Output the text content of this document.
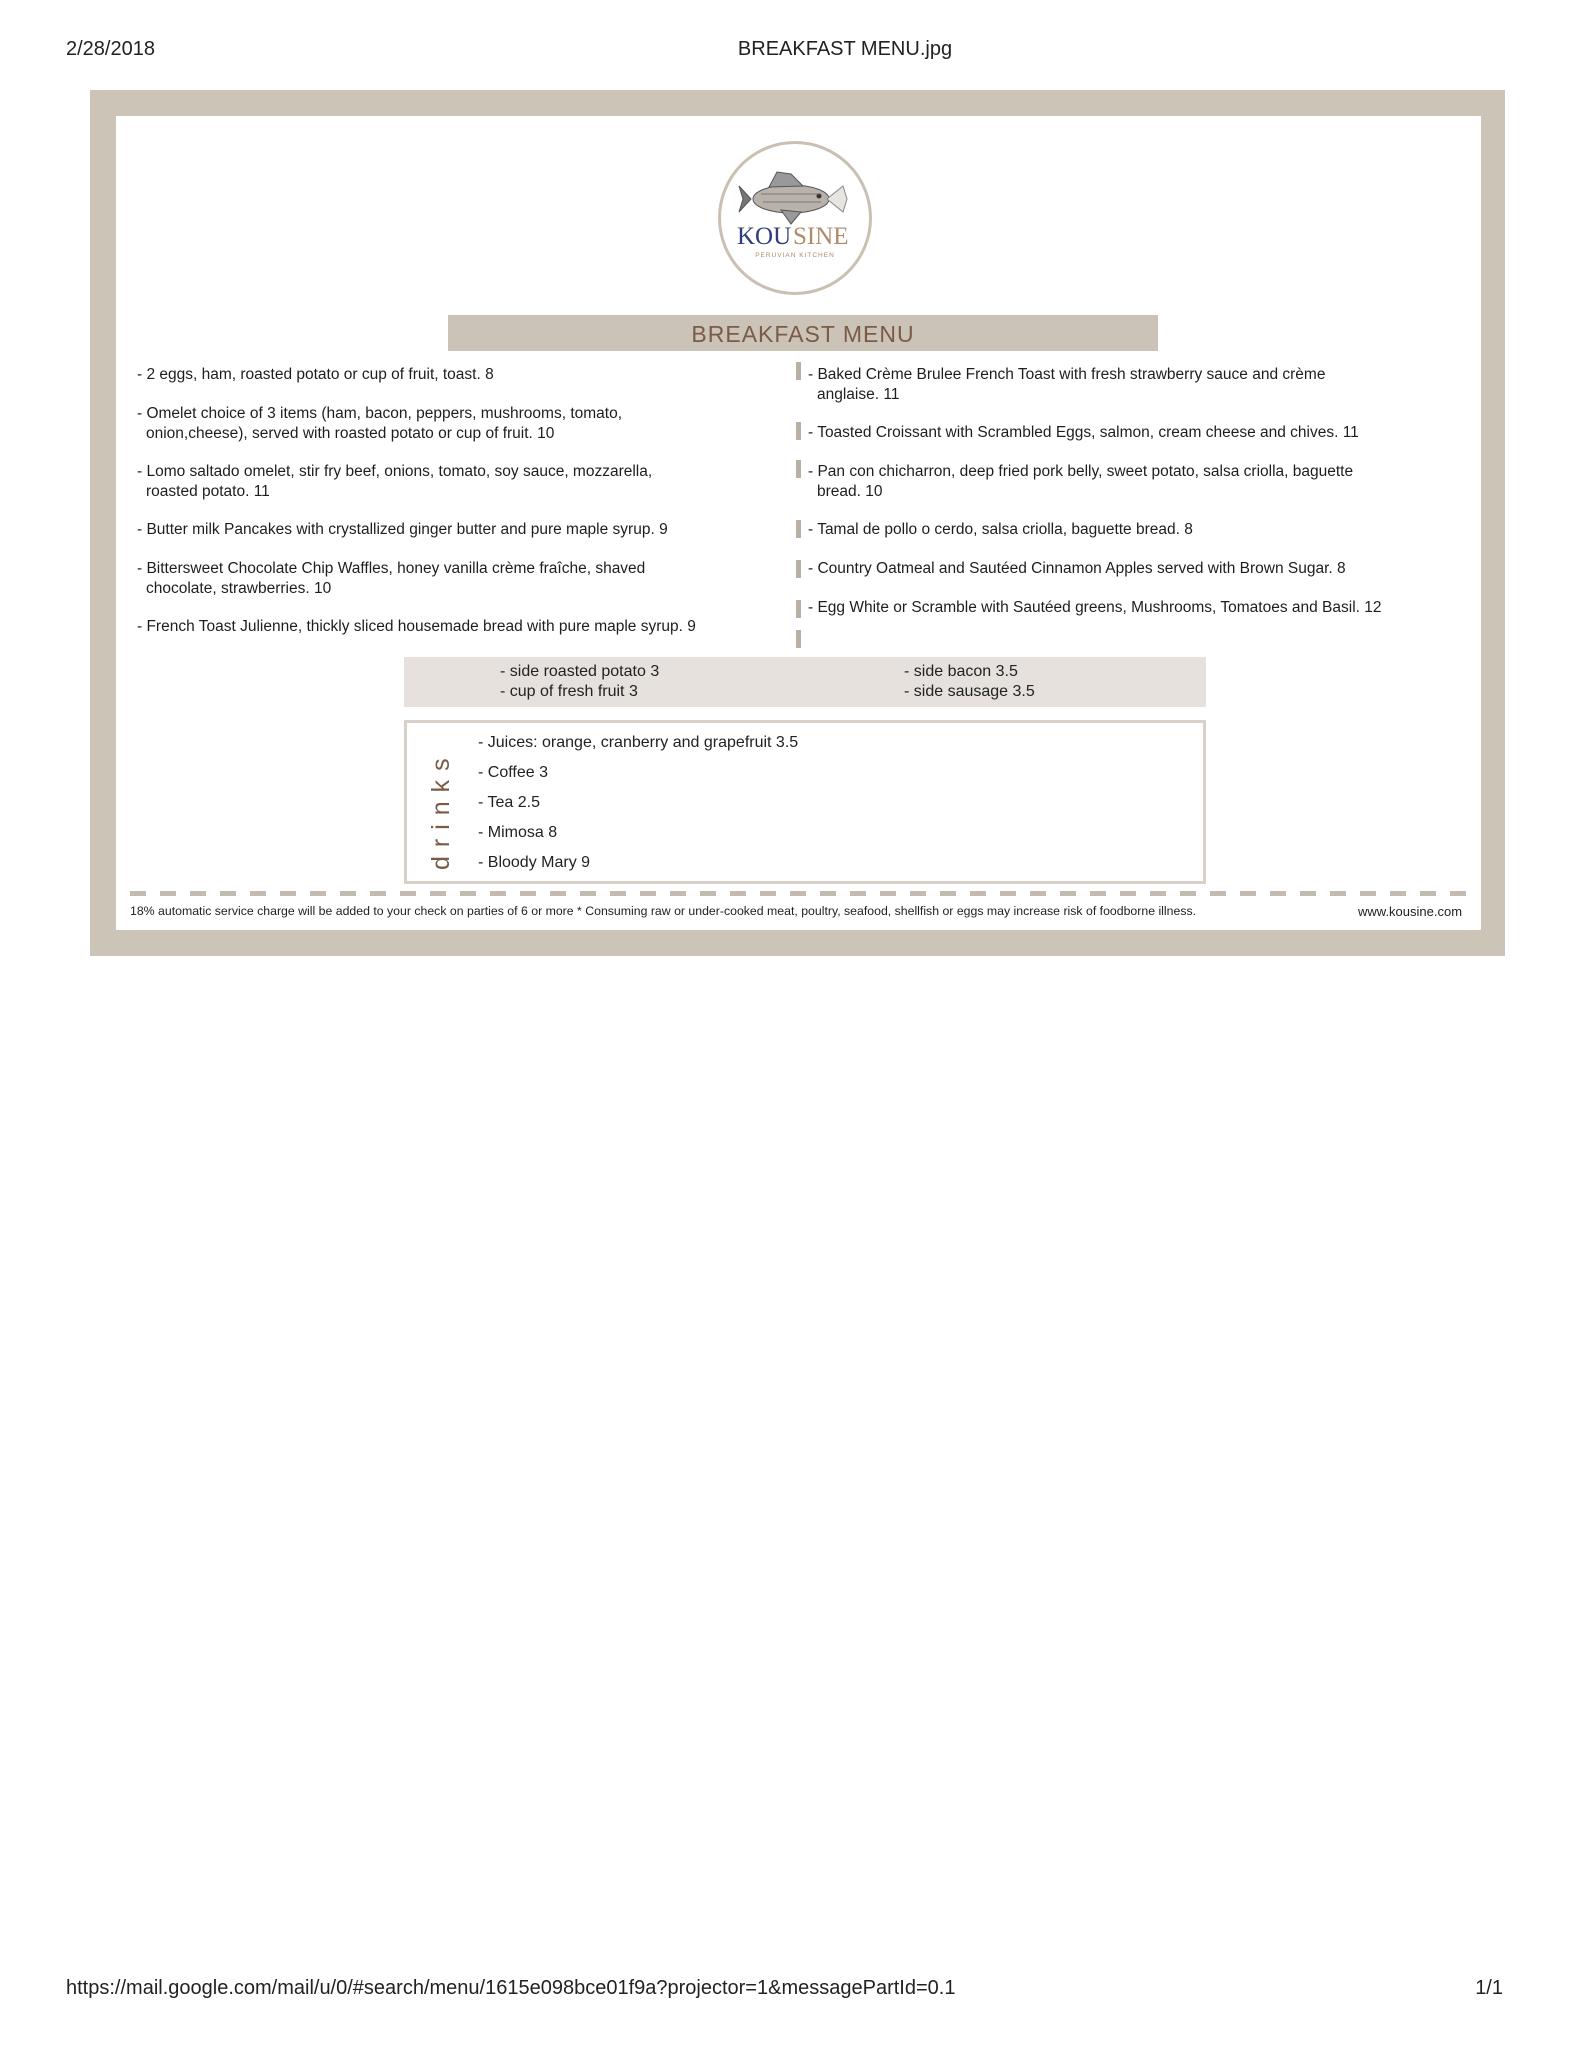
2/28/2018	BREAKFAST MENU.jpg
KOU SINE
PERUVIAN KITCHEN
BREAKFAST MENU
- 2 eggs, ham, roasted potato or cup of fruit, toast. 8
- Omelet choice of 3 items (ham, bacon, peppers, mushrooms, tomato,
onion,cheese), served with roasted potato or cup of fruit. 10
- Lomo saltado omelet, stir fry beef, onions, tomato, soy sauce, mozzarella,
roasted potato. 11
- Butter milk Pancakes with crystallized ginger butter and pure maple syrup. 9
- Bittersweet Chocolate Chip Waffles, honey vanilla crème fraîche, shaved
chocolate, strawberries. 10
- French Toast Julienne, thickly sliced housemade bread with pure maple syrup. 9
- Baked Crème Brulee French Toast with fresh strawberry sauce and crème
anglaise. 11
- Toasted Croissant with Scrambled Eggs, salmon, cream cheese and chives. 11
- Pan con chicharron, deep fried pork belly, sweet potato, salsa criolla, baguette
bread. 10
- Tamal de pollo o cerdo, salsa criolla, baguette bread. 8
- Country Oatmeal and Sautéed Cinnamon Apples served with Brown Sugar. 8
- Egg White or Scramble with Sautéed greens, Mushrooms, Tomatoes and Basil. 12
- side roasted potato 3
- cup of fresh fruit 3
- side bacon 3.5
- side sausage 3.5
drinks
- Juices: orange, cranberry and grapefruit 3.5
- Coffee 3
- Tea 2.5
- Mimosa 8
- Bloody Mary 9
18% automatic service charge will be added to your check on parties of 6 or more * Consuming raw or under-cooked meat, poultry, seafood, shellfish or eggs may increase risk of foodborne illness.	www.kousine.com
https://mail.google.com/mail/u/0/#search/menu/1615e098bce01f9a?projector=1&messagePartId=0.1	1/1
